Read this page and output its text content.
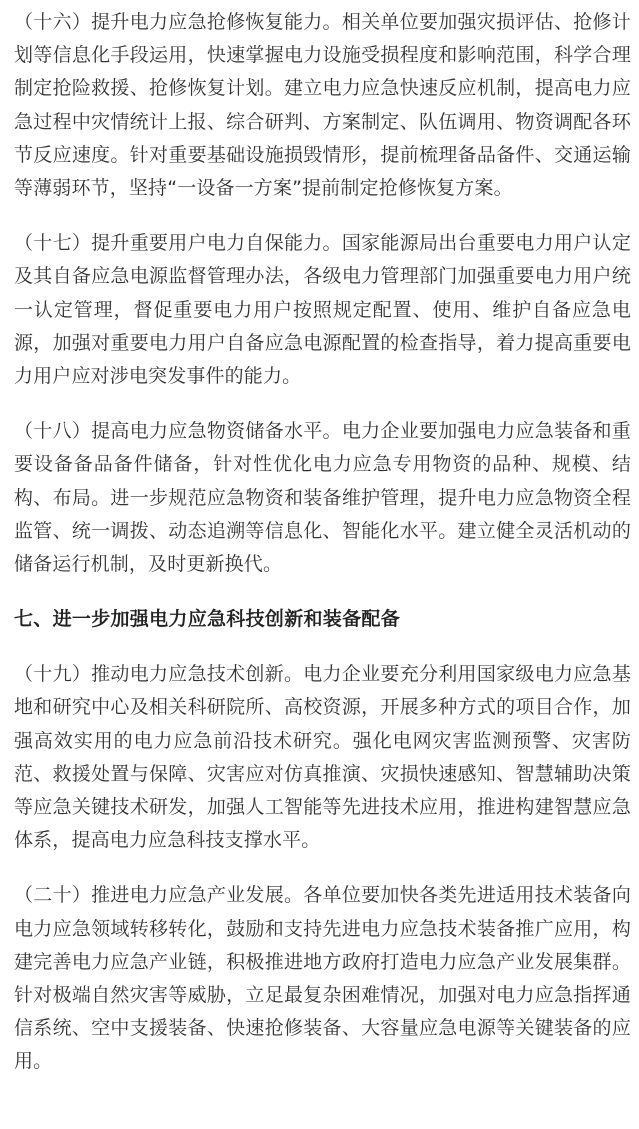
（十六）提升电力应急抢修恢复能力。相关单位要加强灾损评估、抢修计划等信息化手段运用，快速掌握电力设施受损程度和影响范围，科学合理制定抢险救援、抢修恢复计划。建立电力应急快速反应机制，提高电力应急过程中灾情统计上报、综合研判、方案制定、队伍调用、物资调配各环节反应速度。针对重要基础设施损毁情形，提前梳理备品备件、交通运输等薄弱环节，坚持“一设备一方案”提前制定抢修恢复方案。

（十七）提升重要用户电力自保能力。国家能源局出台重要电力用户认定及其自备应急电源监督管理办法，各级电力管理部门加强重要电力用户统一认定管理，督促重要电力用户按照规定配置、使用、维护自备应急电源，加强对重要电力用户自备应急电源配置的检查指导，着力提高重要电力用户应对涉电突发事件的能力。

（十八）提高电力应急物资储备水平。电力企业要加强电力应急装备和重要设备备品备件储备，针对性优化电力应急专用物资的品种、规模、结构、布局。进一步规范应急物资和装备维护管理，提升电力应急物资全程监管、统一调拨、动态追溯等信息化、智能化水平。建立健全灵活机动的储备运行机制，及时更新换代。

七、进一步加强电力应急科技创新和装备配备

（十九）推动电力应急技术创新。电力企业要充分利用国家级电力应急基地和研究中心及相关科研院所、高校资源，开展多种方式的项目合作，加强高效实用的电力应急前沿技术研究。强化电网灾害监测预警、灾害防范、救援处置与保障、灾害应对仿真推演、灾损快速感知、智慧辅助决策等应急关键技术研发，加强人工智能等先进技术应用，推进构建智慧应急体系，提高电力应急科技支撑水平。

（二十）推进电力应急产业发展。各单位要加快各类先进适用技术装备向电力应急领域转移转化，鼓励和支持先进电力应急技术装备推广应用，构建完善电力应急产业链，积极推进地方政府打造电力应急产业发展集群。针对极端自然灾害等威胁，立足最复杂困难情况，加强对电力应急指挥通信系统、空中支援装备、快速抢修装备、大容量应急电源等关键装备的应用。
